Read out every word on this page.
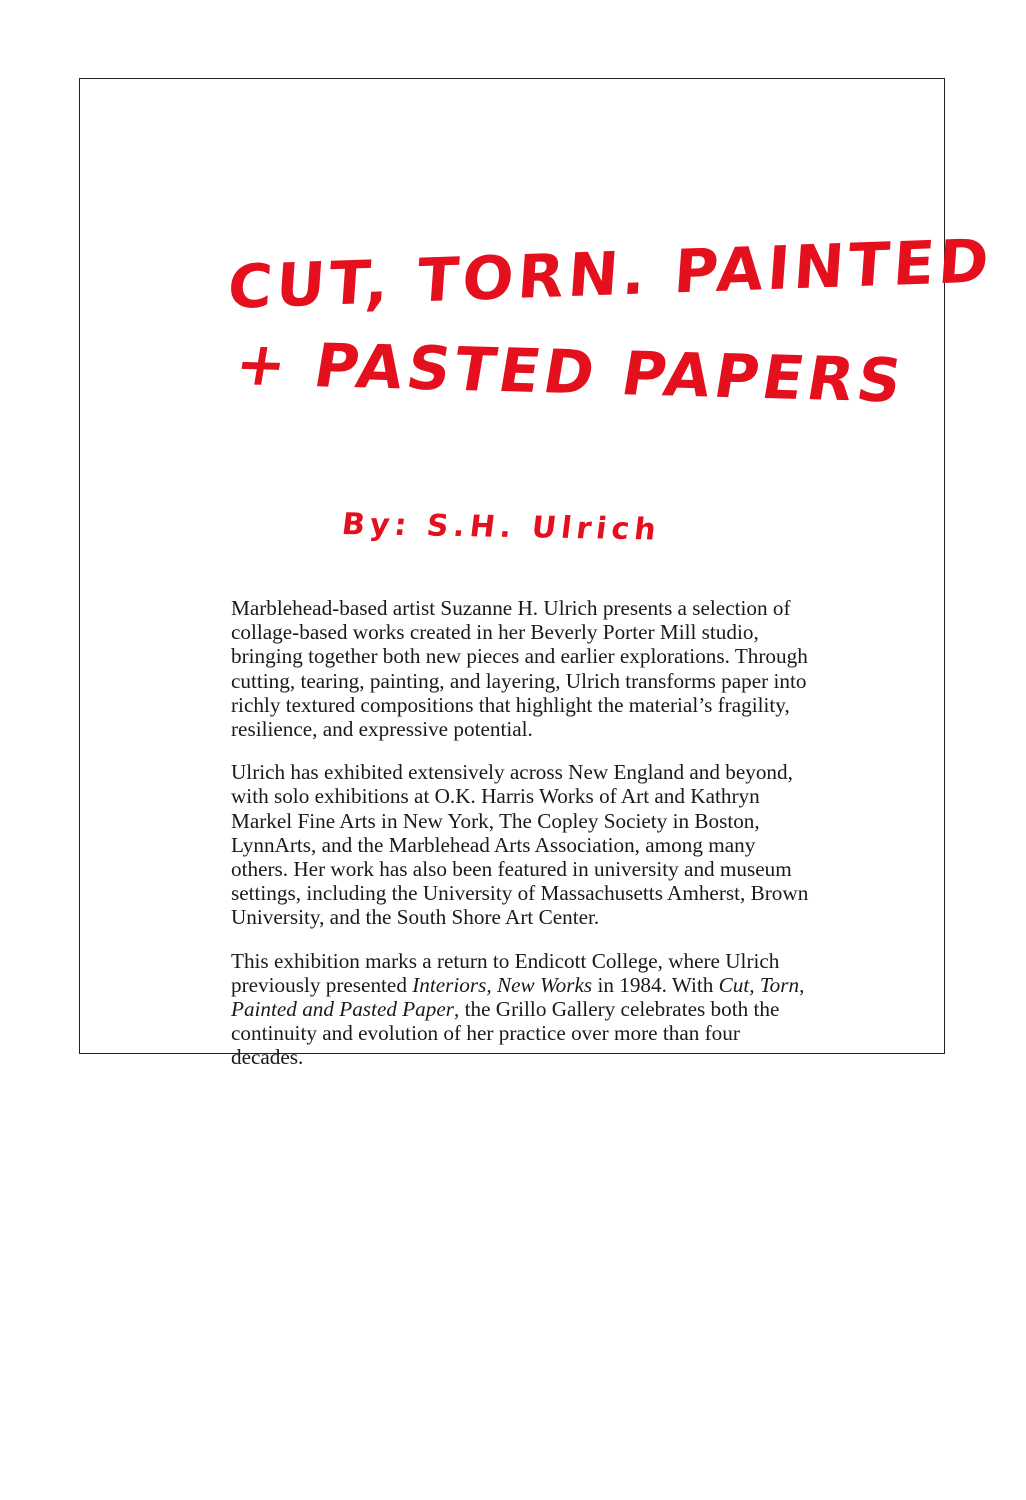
CUT, TORN. PAINTED
+ PASTED PAPERS
By: S.H. Ulrich

Marblehead-based artist Suzanne H. Ulrich presents a selection of collage-based works created in her Beverly Porter Mill studio, bringing together both new pieces and earlier explorations. Through cutting, tearing, painting, and layering, Ulrich transforms paper into richly textured compositions that highlight the material’s fragility, resilience, and expressive potential.

Ulrich has exhibited extensively across New England and beyond, with solo exhibitions at O.K. Harris Works of Art and Kathryn Markel Fine Arts in New York, The Copley Society in Boston, LynnArts, and the Marblehead Arts Association, among many others. Her work has also been featured in university and museum settings, including the University of Massachusetts Amherst, Brown University, and the South Shore Art Center.

This exhibition marks a return to Endicott College, where Ulrich previously presented Interiors, New Works in 1984. With Cut, Torn, Painted and Pasted Paper, the Grillo Gallery celebrates both the continuity and evolution of her practice over more than four decades.
